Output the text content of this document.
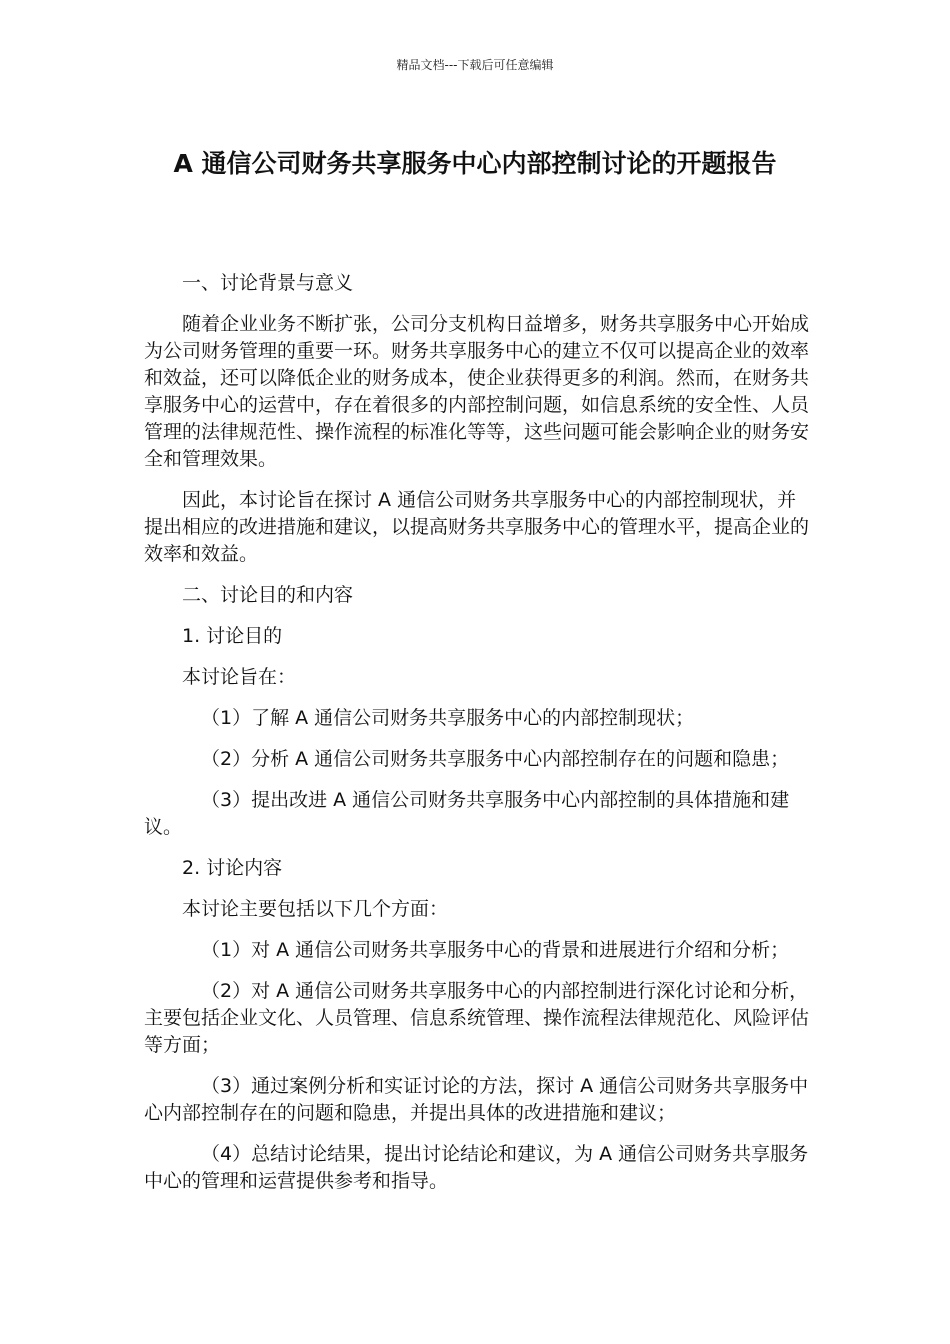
精品文档---下载后可任意编辑
A 通信公司财务共享服务中心内部控制讨论的开题报告

一、讨论背景与意义

随着企业业务不断扩张，公司分支机构日益增多，财务共享服务中心开始成为公司财务管理的重要一环。财务共享服务中心的建立不仅可以提高企业的效率和效益，还可以降低企业的财务成本，使企业获得更多的利润。然而，在财务共享服务中心的运营中，存在着很多的内部控制问题，如信息系统的安全性、人员管理的法律规范性、操作流程的标准化等等，这些问题可能会影响企业的财务安全和管理效果。

因此，本讨论旨在探讨 A 通信公司财务共享服务中心的内部控制现状，并提出相应的改进措施和建议，以提高财务共享服务中心的管理水平，提高企业的效率和效益。

二、讨论目的和内容

1. 讨论目的

本讨论旨在：

（1）了解 A 通信公司财务共享服务中心的内部控制现状；

（2）分析 A 通信公司财务共享服务中心内部控制存在的问题和隐患；

（3）提出改进 A 通信公司财务共享服务中心内部控制的具体措施和建议。

2. 讨论内容

本讨论主要包括以下几个方面：

（1）对 A 通信公司财务共享服务中心的背景和进展进行介绍和分析；

（2）对 A 通信公司财务共享服务中心的内部控制进行深化讨论和分析，主要包括企业文化、人员管理、信息系统管理、操作流程法律规范化、风险评估等方面；

（3）通过案例分析和实证讨论的方法，探讨 A 通信公司财务共享服务中心内部控制存在的问题和隐患，并提出具体的改进措施和建议；

（4）总结讨论结果，提出讨论结论和建议，为 A 通信公司财务共享服务中心的管理和运营提供参考和指导。
